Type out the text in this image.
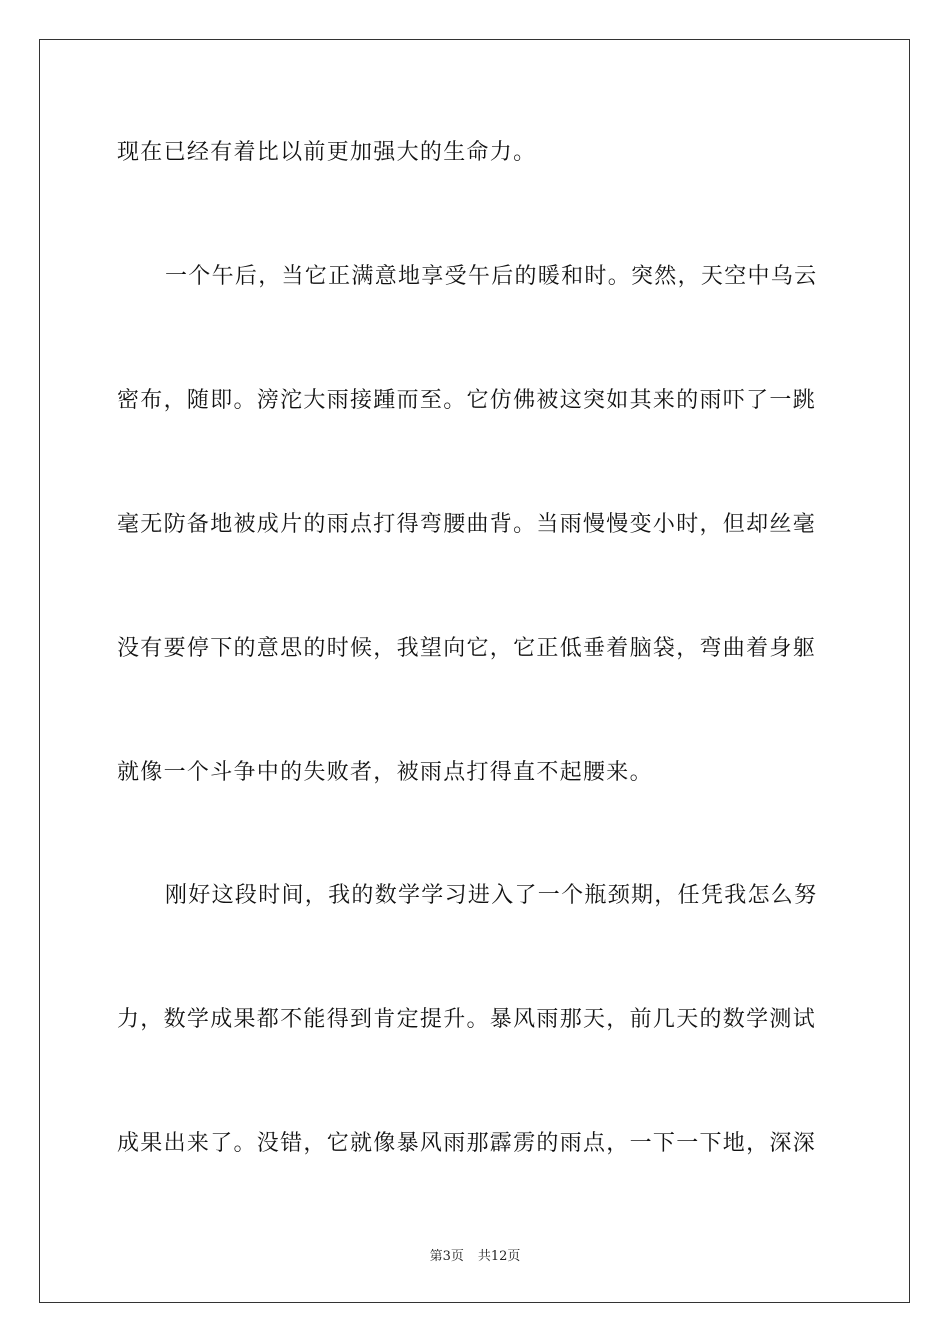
现在已经有着比以前更加强大的生命力。
一个午后，当它正满意地享受午后的暖和时。突然，天空中乌云
密布，随即。滂沱大雨接踵而至。它仿佛被这突如其来的雨吓了一跳
毫无防备地被成片的雨点打得弯腰曲背。当雨慢慢变小时，但却丝毫
没有要停下的意思的时候，我望向它，它正低垂着脑袋，弯曲着身躯
就像一个斗争中的失败者，被雨点打得直不起腰来。
刚好这段时间，我的数学学习进入了一个瓶颈期，任凭我怎么努
力，数学成果都不能得到肯定提升。暴风雨那天，前几天的数学测试
成果出来了。没错，它就像暴风雨那霹雳的雨点，一下一下地，深深
第3页 共12页
